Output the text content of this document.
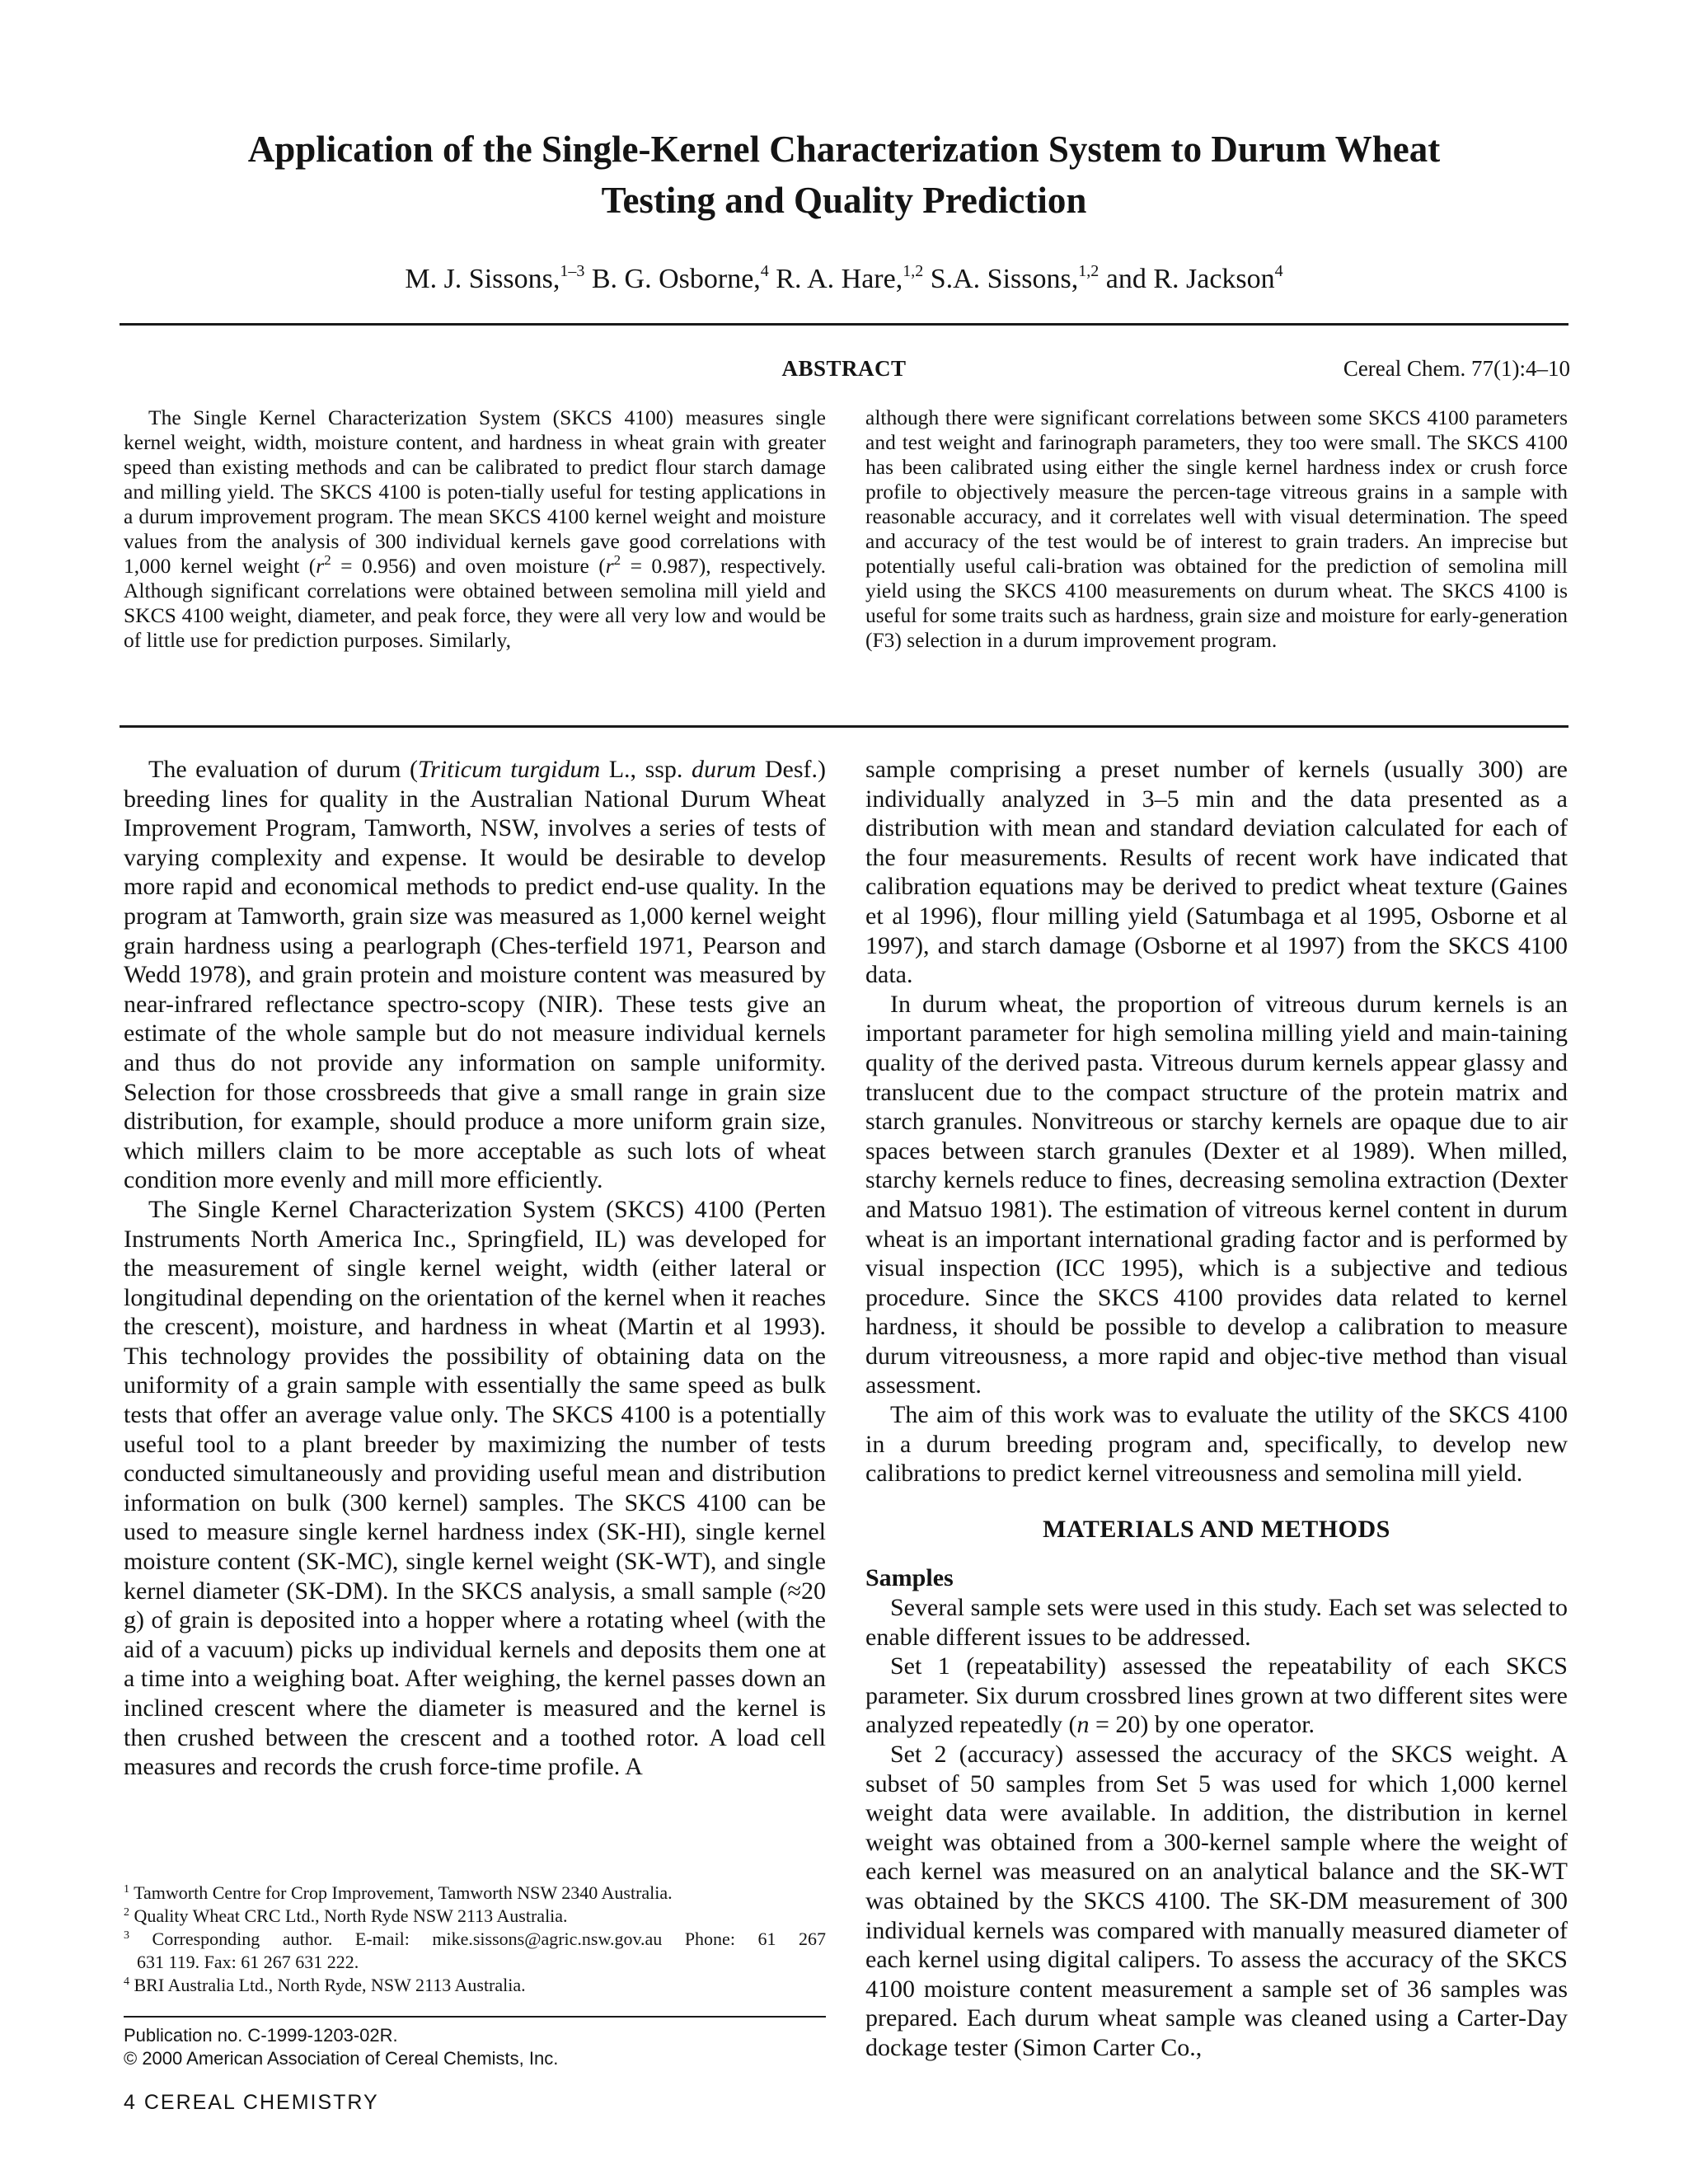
Application of the Single-Kernel Characterization System to Durum Wheat
Testing and Quality Prediction
M. J. Sissons,$^{1-3}$ B. G. Osborne,$^4$ R. A. Hare,$^{1,2}$ S.A. Sissons,$^{1,2}$ and R. Jackson$^4$
ABSTRACT	Cereal Chem. 77(1):4–10

The Single Kernel Characterization System (SKCS 4100) measures single kernel weight, width, moisture content, and hardness in wheat grain with greater speed than existing methods and can be calibrated to predict flour starch damage and milling yield. The SKCS 4100 is poten-tially useful for testing applications in a durum improvement program. The mean SKCS 4100 kernel weight and moisture values from the analysis of 300 individual kernels gave good correlations with 1,000 kernel weight $(r^2 = 0.956)$ and oven moisture $(r^2 = 0.987)$, respectively. Although significant correlations were obtained between semolina mill yield and SKCS 4100 weight, diameter, and peak force, they were all very low and would be of little use for prediction purposes. Similarly,

although there were significant correlations between some SKCS 4100 parameters and test weight and farinograph parameters, they too were small. The SKCS 4100 has been calibrated using either the single kernel hardness index or crush force profile to objectively measure the percen-tage vitreous grains in a sample with reasonable accuracy, and it correlates well with visual determination. The speed and accuracy of the test would be of interest to grain traders. An imprecise but potentially useful cali-bration was obtained for the prediction of semolina mill yield using the SKCS 4100 measurements on durum wheat. The SKCS 4100 is useful for some traits such as hardness, grain size and moisture for early-generation (F3) selection in a durum improvement program.

The evaluation of durum (Triticum turgidum L., ssp. durum Desf.) breeding lines for quality in the Australian National Durum Wheat Improvement Program, Tamworth, NSW, involves a series of tests of varying complexity and expense. It would be desirable to develop more rapid and economical methods to predict end-use quality. In the program at Tamworth, grain size was measured as 1,000 kernel weight grain hardness using a pearlograph (Ches-terfield 1971, Pearson and Wedd 1978), and grain protein and moisture content was measured by near-infrared reflectance spectro-scopy (NIR). These tests give an estimate of the whole sample but do not measure individual kernels and thus do not provide any information on sample uniformity. Selection for those crossbreeds that give a small range in grain size distribution, for example, should produce a more uniform grain size, which millers claim to be more acceptable as such lots of wheat condition more evenly and mill more efficiently.

The Single Kernel Characterization System (SKCS) 4100 (Perten Instruments North America Inc., Springfield, IL) was developed for the measurement of single kernel weight, width (either lateral or longitudinal depending on the orientation of the kernel when it reaches the crescent), moisture, and hardness in wheat (Martin et al 1993). This technology provides the possibility of obtaining data on the uniformity of a grain sample with essentially the same speed as bulk tests that offer an average value only. The SKCS 4100 is a potentially useful tool to a plant breeder by maximizing the number of tests conducted simultaneously and providing useful mean and distribution information on bulk (300 kernel) samples. The SKCS 4100 can be used to measure single kernel hardness index (SK-HI), single kernel moisture content (SK-MC), single kernel weight (SK-WT), and single kernel diameter (SK-DM). In the SKCS analysis, a small sample (≈20 g) of grain is deposited into a hopper where a rotating wheel (with the aid of a vacuum) picks up individual kernels and deposits them one at a time into a weighing boat. After weighing, the kernel passes down an inclined crescent where the diameter is measured and the kernel is then crushed between the crescent and a toothed rotor. A load cell measures and records the crush force-time profile. A

sample comprising a preset number of kernels (usually 300) are individually analyzed in 3–5 min and the data presented as a distribution with mean and standard deviation calculated for each of the four measurements. Results of recent work have indicated that calibration equations may be derived to predict wheat texture (Gaines et al 1996), flour milling yield (Satumbaga et al 1995, Osborne et al 1997), and starch damage (Osborne et al 1997) from the SKCS 4100 data.

In durum wheat, the proportion of vitreous durum kernels is an important parameter for high semolina milling yield and main-taining quality of the derived pasta. Vitreous durum kernels appear glassy and translucent due to the compact structure of the protein matrix and starch granules. Nonvitreous or starchy kernels are opaque due to air spaces between starch granules (Dexter et al 1989). When milled, starchy kernels reduce to fines, decreasing semolina extraction (Dexter and Matsuo 1981). The estimation of vitreous kernel content in durum wheat is an important international grading factor and is performed by visual inspection (ICC 1995), which is a subjective and tedious procedure. Since the SKCS 4100 provides data related to kernel hardness, it should be possible to develop a calibration to measure durum vitreousness, a more rapid and objec-tive method than visual assessment.

The aim of this work was to evaluate the utility of the SKCS 4100 in a durum breeding program and, specifically, to develop new calibrations to predict kernel vitreousness and semolina mill yield.

MATERIALS AND METHODS

Samples

Several sample sets were used in this study. Each set was selected to enable different issues to be addressed.

Set 1 (repeatability) assessed the repeatability of each SKCS parameter. Six durum crossbred lines grown at two different sites were analyzed repeatedly (n = 20) by one operator.

Set 2 (accuracy) assessed the accuracy of the SKCS weight. A subset of 50 samples from Set 5 was used for which 1,000 kernel weight data were available. In addition, the distribution in kernel weight was obtained from a 300-kernel sample where the weight of each kernel was measured on an analytical balance and the SK-WT was obtained by the SKCS 4100. The SK-DM measurement of 300 individual kernels was compared with manually measured diameter of each kernel using digital calipers. To assess the accuracy of the SKCS 4100 moisture content measurement a sample set of 36 samples was prepared. Each durum wheat sample was cleaned using a Carter-Day dockage tester (Simon Carter Co.,

$^1$ Tamworth Centre for Crop Improvement, Tamworth NSW 2340 Australia.
$^2$ Quality Wheat CRC Ltd., North Ryde NSW 2113 Australia.
$^3$ Corresponding author. E-mail: mike.sissons@agric.nsw.gov.au Phone: 61 267
631 119. Fax: 61 267 631 222.
$^4$ BRI Australia Ltd., North Ryde, NSW 2113 Australia.
Publication no. C-1999-1203-02R.
© 2000 American Association of Cereal Chemists, Inc.
4 CEREAL CHEMISTRY
